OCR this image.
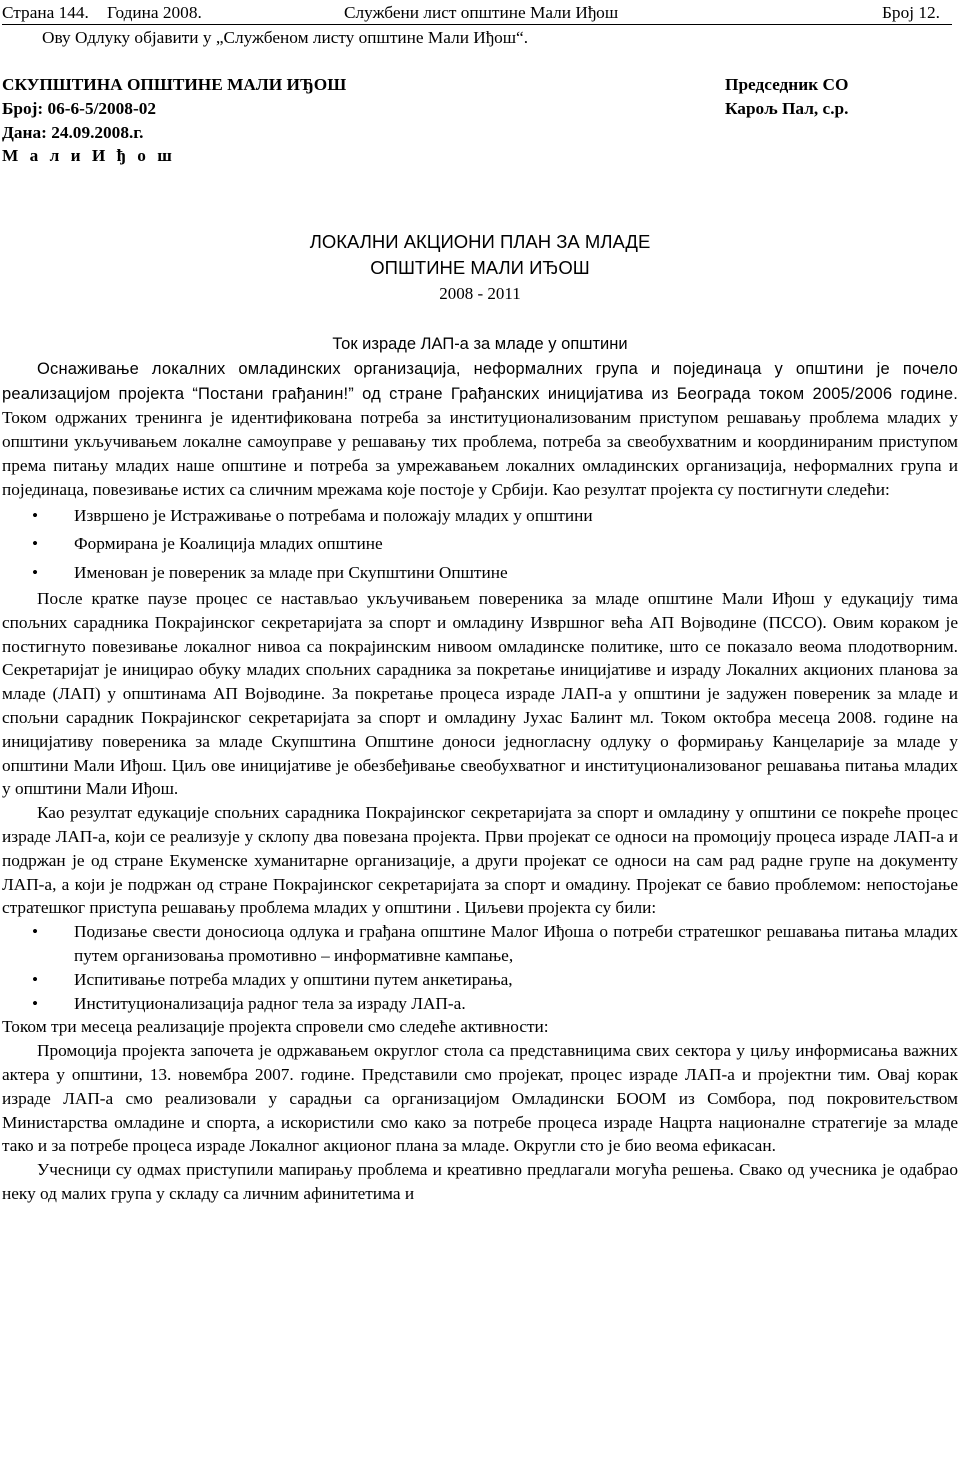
Страна 144. Година 2008.	Службени лист општине Мали Иђош	Број 12.
Ову Одлуку објавити у „Службеном листу општине Мали Иђош“.
СКУПШТИНА ОПШТИНЕ МАЛИ ИЂОШ
Број: 06-6-5/2008-02
Дана: 24.09.2008.г.
М а л и И ђ о ш
Председник СО
Карољ Пал, с.р.
ЛОКАЛНИ АКЦИОНИ ПЛАН ЗА МЛАДЕ
ОПШТИНЕ МАЛИ ИЂОШ
2008 - 2011
Ток израде ЛАП-а за младе у општини

Оснаживање локалних омладинских организација, неформалних група и појединаца у општини је почело реализацијом пројекта “Постани грађанин!” од стране Грађанских иницијатива из Београда током 2005/2006 године. Током одржаних тренинга је идентификована потреба за институционализованим приступом решавању проблема младих у општини укључивањем локалне самоуправе у решавању тих проблема, потреба за свеобухватним и координираним приступом према питању младих наше општине и потреба за умрежавањем локалних омладинских организација, неформалних група и појединаца, повезивање истих са сличним мрежама које постоје у Србији. Као резултат пројекта су постигнути следећи:

• Извршено је Истраживање о потребама и положају младих у општини
• Формирана је Коалиција младих општине
• Именован је повереник за младе при Скупштини Општине

После кратке паузе процес се настављао укључивањем повереника за младе општине Мали Иђош у едукацију тима спољних сарадника Покрајинског секретаријата за спорт и омладину Извршног већа АП Војводине (ПССО). Овим кораком је постигнуто повезивање локалног нивоа са покрајинским нивоом омладинске политике, што се показало веома плодотворним. Секретаријат је иницирао обуку младих спољних сарадника за покретање иницијативе и израду Локалних акционих планова за младе (ЛАП) у општинама АП Војводине. За покретање процеса израде ЛАП-а у општини је задужен повереник за младе и спољни сарадник Покрајинског секретаријата за спорт и омладину Јухас Балинт мл. Током октобра месеца 2008. године на иницијативу повереника за младе Скупштина Општине доноси једногласну одлуку о формирању Канцеларије за младе у општини Мали Иђош. Циљ ове иницијативе је обезбеђивање свеобухватног и институционализованог решавања питања младих у општини Мали Иђош.

Као резултат едукације спољних сарадника Покрајинског секретаријата за спорт и омладину у општини се покреће процес израде ЛАП-а, који се реализује у склопу два повезана пројекта. Први пројекат се односи на промоцију процеса израде ЛАП-а и подржан је од стране Екуменске хуманитарне организације, а други пројекат се односи на сам рад радне групе на документу ЛАП-а, а који је подржан од стране Покрајинског секретаријата за спорт и омадину. Пројекат се бавио проблемом: непостојање стратешког приступа решавању проблема младих у општини . Циљеви пројекта су били:

• Подизање свести доносиоца одлука и грађана општине Малог Иђоша о потреби стратешког решавања питања младих путем организовања промотивно – информативне кампање,
• Испитивање потреба младих у општини путем анкетирања,
• Институционализација радног тела за израду ЛАП-а.

Током три месеца реализације пројекта спровели смо следеће активности:

Промоција пројекта започета је одржавањем округлог стола са представницима свих сектора у циљу информисања важних актера у општини, 13. новембра 2007. године. Представили смо пројекат, процес израде ЛАП-а и пројектни тим. Овај корак израде ЛАП-а смо реализовали у сарадњи са организацијом Омладински БООМ из Сомбора, под покровитељством Министарства омладине и спорта, а искористили смо како за потребе процеса израде Нацрта националне стратегије за младе тако и за потребе процеса израде Локалног акционог плана за младе. Округли сто је био веома ефикасан.

Учесници су одмах приступили мапирању проблема и креативно предлагали могућа решења. Свако од учесника је одабрао неку од малих група у складу са личним афинитетима и
